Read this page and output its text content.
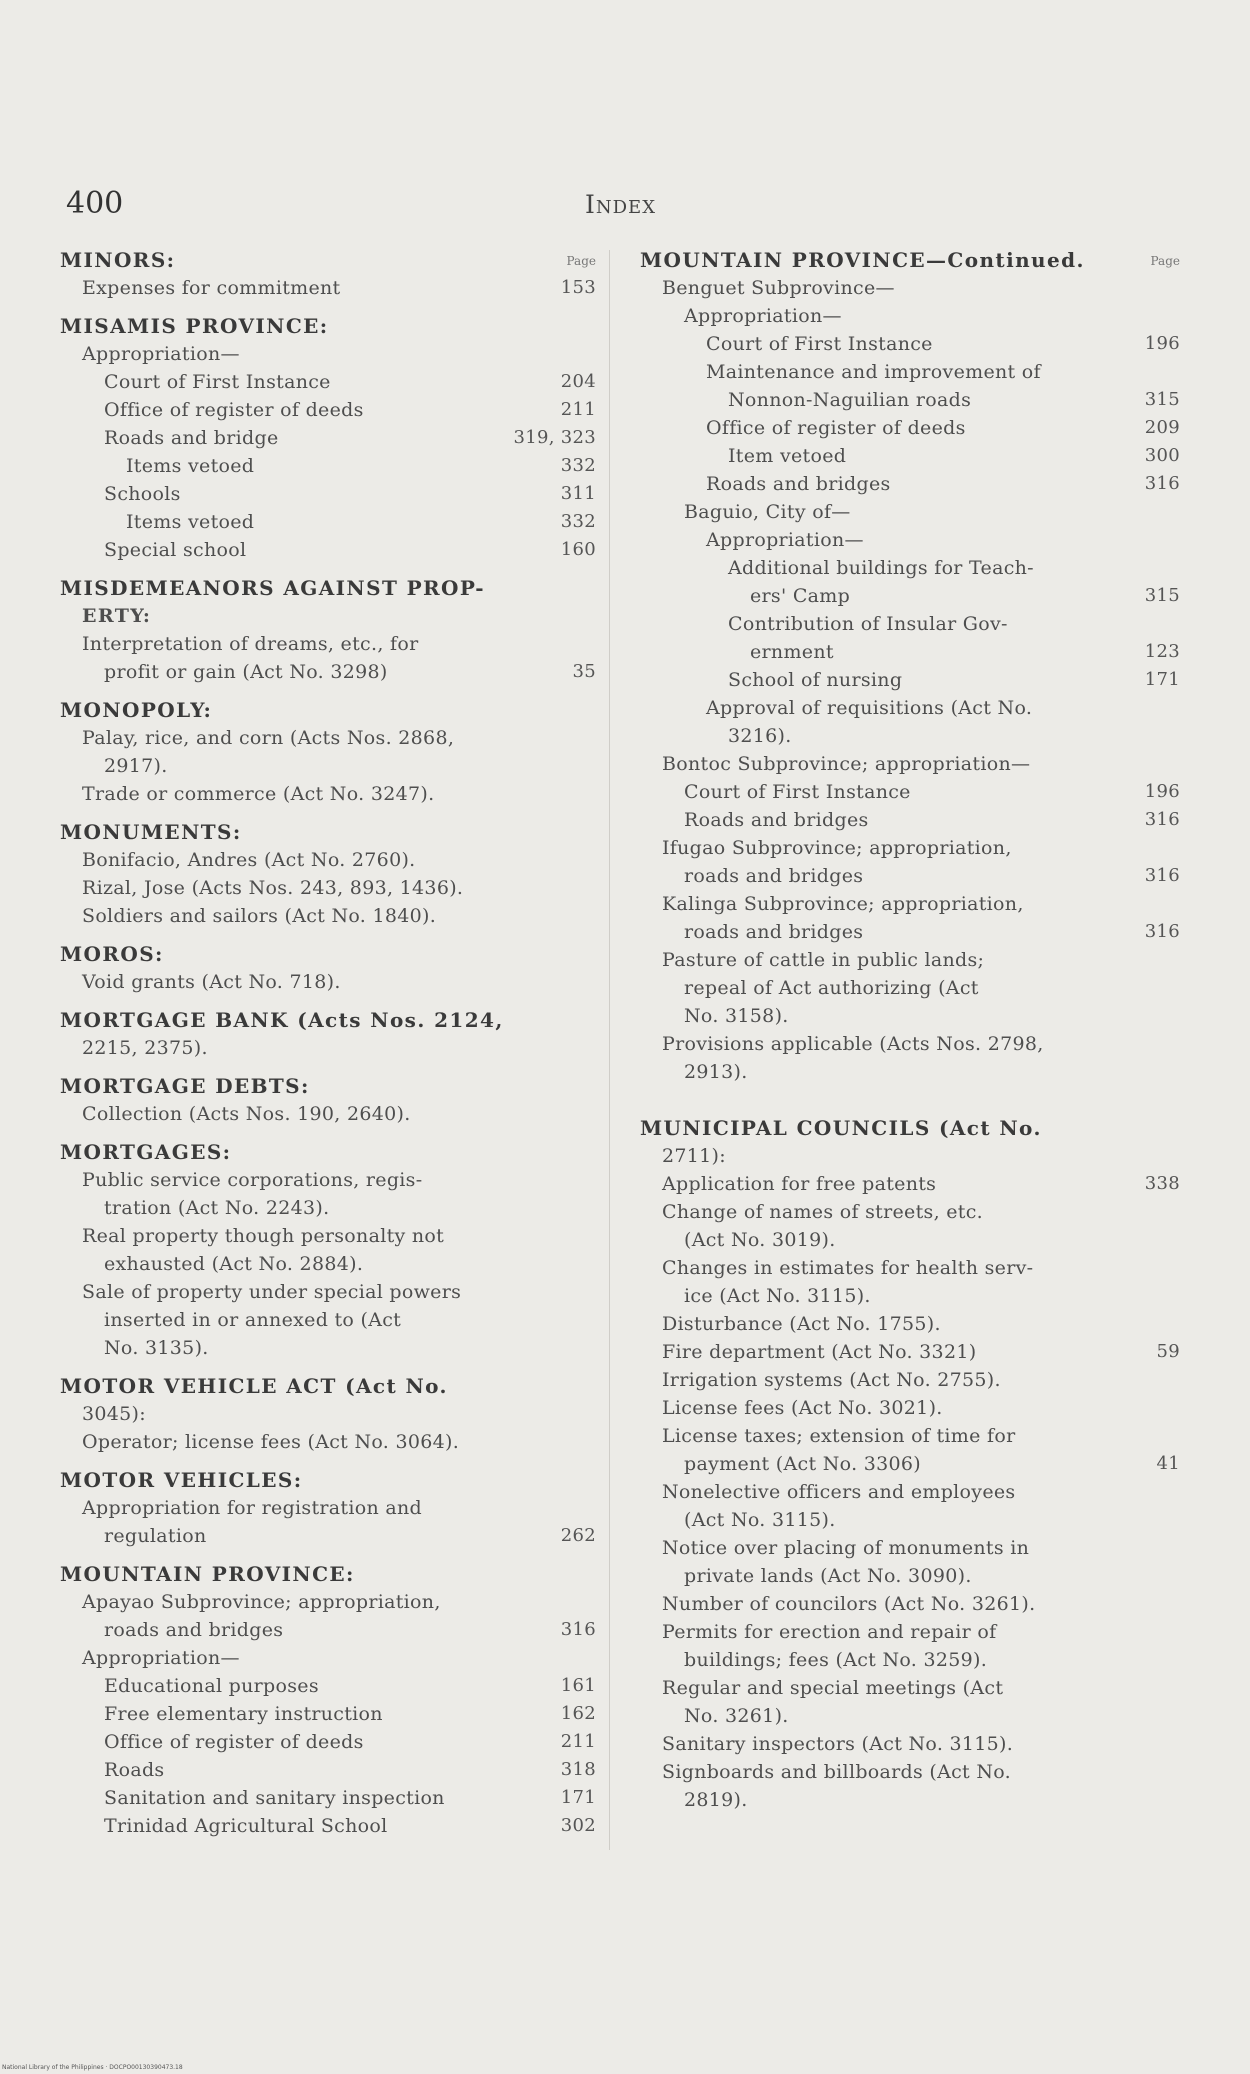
400	Index
MINORS:	Page
Expenses for commitment	153
MISAMIS PROVINCE:
Appropriation—
Court of First Instance	204
Office of register of deeds	211
Roads and bridge	319, 323
Items vetoed	332
Schools	311
Items vetoed	332
Special school	160
MISDEMEANORS AGAINST PROP-
ERTY:
Interpretation of dreams, etc., for
profit or gain (Act No. 3298)	35
MONOPOLY:
Palay, rice, and corn (Acts Nos. 2868,
2917).
Trade or commerce (Act No. 3247).
MONUMENTS:
Bonifacio, Andres (Act No. 2760).
Rizal, Jose (Acts Nos. 243, 893, 1436).
Soldiers and sailors (Act No. 1840).
MOROS:
Void grants (Act No. 718).
MORTGAGE BANK (Acts Nos. 2124,
2215, 2375).
MORTGAGE DEBTS:
Collection (Acts Nos. 190, 2640).
MORTGAGES:
Public service corporations, regis-
tration (Act No. 2243).
Real property though personalty not
exhausted (Act No. 2884).
Sale of property under special powers
inserted in or annexed to (Act
No. 3135).
MOTOR VEHICLE ACT (Act No.
3045):
Operator; license fees (Act No. 3064).
MOTOR VEHICLES:
Appropriation for registration and
regulation	262
MOUNTAIN PROVINCE:
Apayao Subprovince; appropriation,
roads and bridges	316
Appropriation—
Educational purposes	161
Free elementary instruction	162
Office of register of deeds	211
Roads	318
Sanitation and sanitary inspection	171
Trinidad Agricultural School	302
MOUNTAIN PROVINCE—Continued.	Page
Benguet Subprovince—
Appropriation—
Court of First Instance	196
Maintenance and improvement of
Nonnon-Naguilian roads	315
Office of register of deeds	209
Item vetoed	300
Roads and bridges	316
Baguio, City of—
Appropriation—
Additional buildings for Teach-
ers' Camp	315
Contribution of Insular Gov-
ernment	123
School of nursing	171
Approval of requisitions (Act No.
3216).
Bontoc Subprovince; appropriation—
Court of First Instance	196
Roads and bridges	316
Ifugao Subprovince; appropriation,
roads and bridges	316
Kalinga Subprovince; appropriation,
roads and bridges	316
Pasture of cattle in public lands;
repeal of Act authorizing (Act
No. 3158).
Provisions applicable (Acts Nos. 2798,
2913).
MUNICIPAL COUNCILS (Act No.
2711):
Application for free patents	338
Change of names of streets, etc.
(Act No. 3019).
Changes in estimates for health serv-
ice (Act No. 3115).
Disturbance (Act No. 1755).
Fire department (Act No. 3321)	59
Irrigation systems (Act No. 2755).
License fees (Act No. 3021).
License taxes; extension of time for
payment (Act No. 3306)	41
Nonelective officers and employees
(Act No. 3115).
Notice over placing of monuments in
private lands (Act No. 3090).
Number of councilors (Act No. 3261).
Permits for erection and repair of
buildings; fees (Act No. 3259).
Regular and special meetings (Act
No. 3261).
Sanitary inspectors (Act No. 3115).
Signboards and billboards (Act No.
2819).
National Library of the Philippines · DOCPO00130390473.18
